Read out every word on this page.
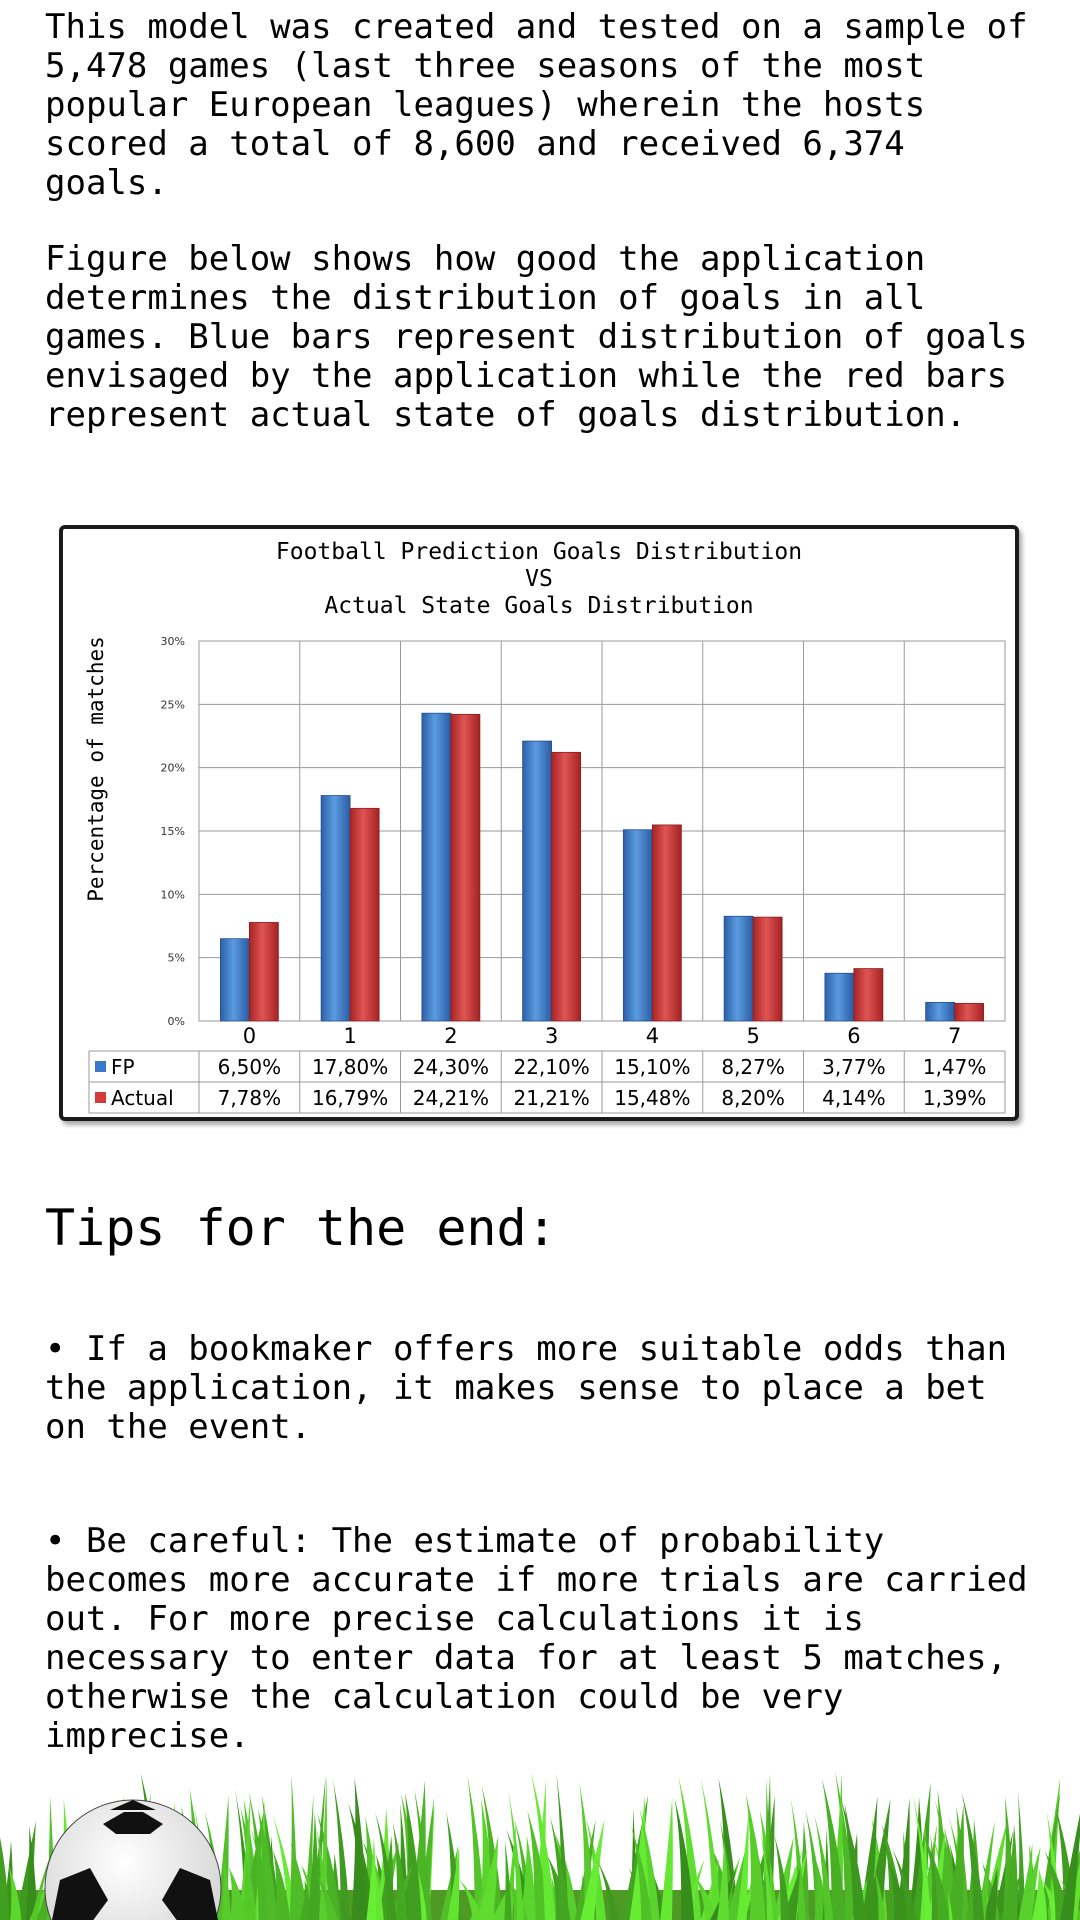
This model was created and tested on a sample of 5,478 games (last three seasons of the most popular European leagues) wherein the hosts scored a total of 8,600 and received 6,374 goals.

Figure below shows how good the application determines the distribution of goals in all games. Blue bars represent distribution of goals envisaged by the application while the red bars represent actual state of goals distribution.

Football Prediction Goals Distribution
VS
Actual State Goals Distribution
0%
5%
10%
15%
20%
25%
30%
0	1	2	3	4	5	6	7
FP	6,50% 17,80% 24,30% 22,10% 15,10% 8,27% 3,77% 1,47%
Actual 7,78% 16,79% 24,21% 21,21% 15,48% 8,20% 4,14% 1,39%
Percentage of matches
Tips for the end:

• If a bookmaker offers more suitable odds than the application, it makes sense to place a bet on the event.

• Be careful: The estimate of probability becomes more accurate if more trials are carried out. For more precise calculations it is necessary to enter data for at least 5 matches, otherwise the calculation could be very imprecise.
